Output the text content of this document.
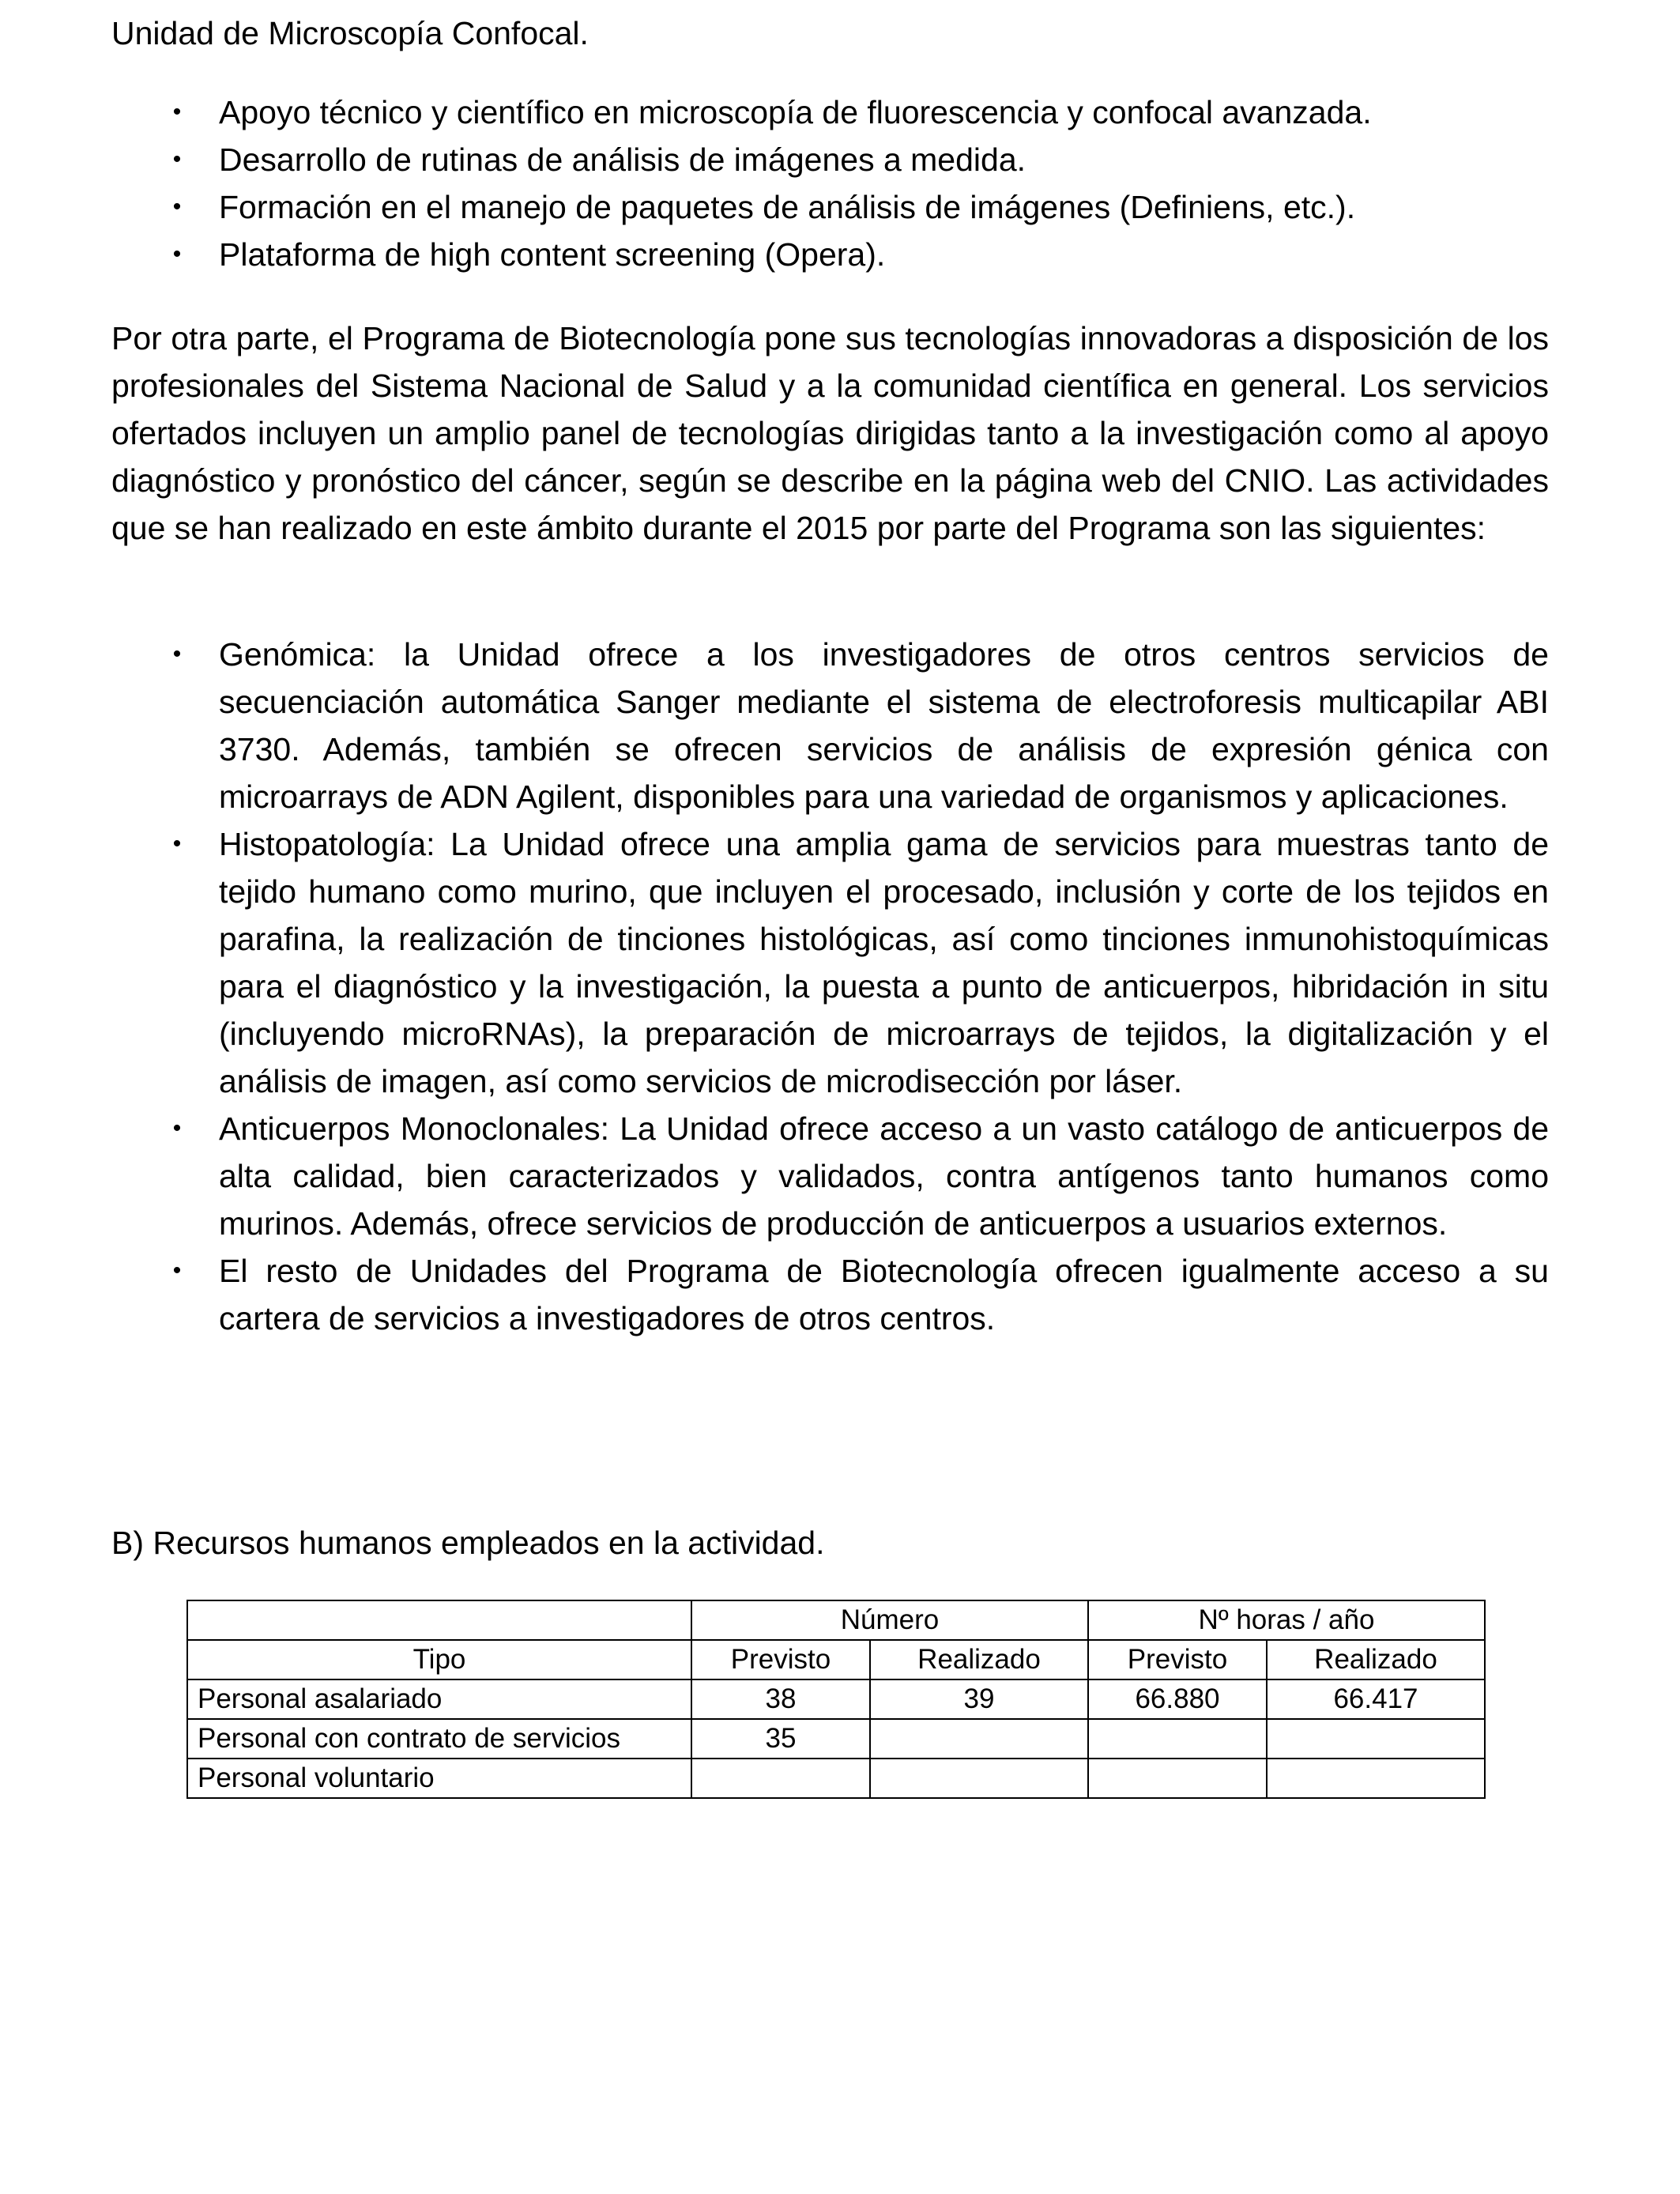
Unidad de Microscopía Confocal.

• Apoyo técnico y científico en microscopía de fluorescencia y confocal avanzada.
• Desarrollo de rutinas de análisis de imágenes a medida.
• Formación en el manejo de paquetes de análisis de imágenes (Definiens, etc.).
• Plataforma de high content screening (Opera).

Por otra parte, el Programa de Biotecnología pone sus tecnologías innovadoras a disposición de los profesionales del Sistema Nacional de Salud y a la comunidad científica en general. Los servicios ofertados incluyen un amplio panel de tecnologías dirigidas tanto a la investigación como al apoyo diagnóstico y pronóstico del cáncer, según se describe en la página web del CNIO. Las actividades que se han realizado en este ámbito durante el 2015 por parte del Programa son las siguientes:

• Genómica: la Unidad ofrece a los investigadores de otros centros servicios de secuenciación automática Sanger mediante el sistema de electroforesis multicapilar ABI 3730. Además, también se ofrecen servicios de análisis de expresión génica con microarrays de ADN Agilent, disponibles para una variedad de organismos y aplicaciones.
• Histopatología: La Unidad ofrece una amplia gama de servicios para muestras tanto de tejido humano como murino, que incluyen el procesado, inclusión y corte de los tejidos en parafina, la realización de tinciones histológicas, así como tinciones inmunohistoquímicas para el diagnóstico y la investigación, la puesta a punto de anticuerpos, hibridación in situ (incluyendo microRNAs), la preparación de microarrays de tejidos, la digitalización y el análisis de imagen, así como servicios de microdisección por láser.
• Anticuerpos Monoclonales: La Unidad ofrece acceso a un vasto catálogo de anticuerpos de alta calidad, bien caracterizados y validados, contra antígenos tanto humanos como murinos. Además, ofrece servicios de producción de anticuerpos a usuarios externos.
• El resto de Unidades del Programa de Biotecnología ofrecen igualmente acceso a su cartera de servicios a investigadores de otros centros.

B) Recursos humanos empleados en la actividad.

	Número		Nº horas / año	
Tipo	Previsto	Realizado	Previsto	Realizado
Personal asalariado	38	39	66.880	66.417
Personal con contrato de servicios	35			
Personal voluntario				
